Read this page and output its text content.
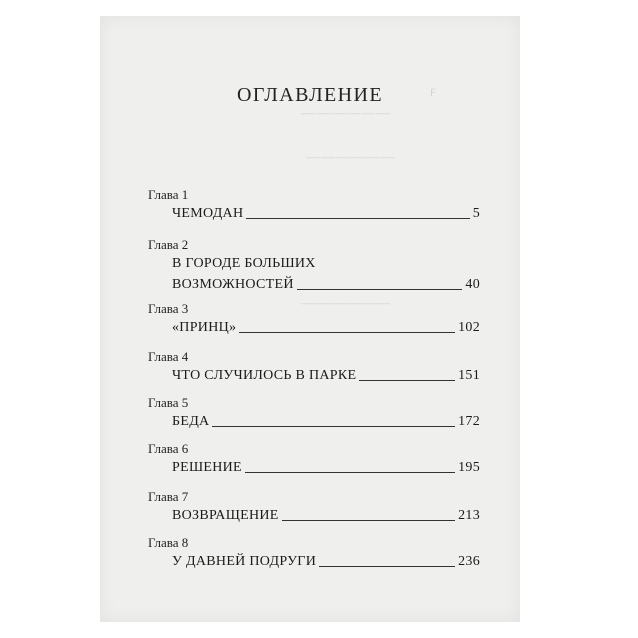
ꟻ
——————
——————
——————
ОГЛАВЛЕНИЕ
Глава 1
ЧЕМОДАН	5
Глава 2
В ГОРОДЕ БОЛЬШИХ
ВОЗМОЖНОСТЕЙ	40
Глава 3
«ПРИНЦ»	102
Глава 4
ЧТО СЛУЧИЛОСЬ В ПАРКЕ	151
Глава 5
БЕДА	172
Глава 6
РЕШЕНИЕ	195
Глава 7
ВОЗВРАЩЕНИЕ	213
Глава 8
У ДАВНЕЙ ПОДРУГИ	236
